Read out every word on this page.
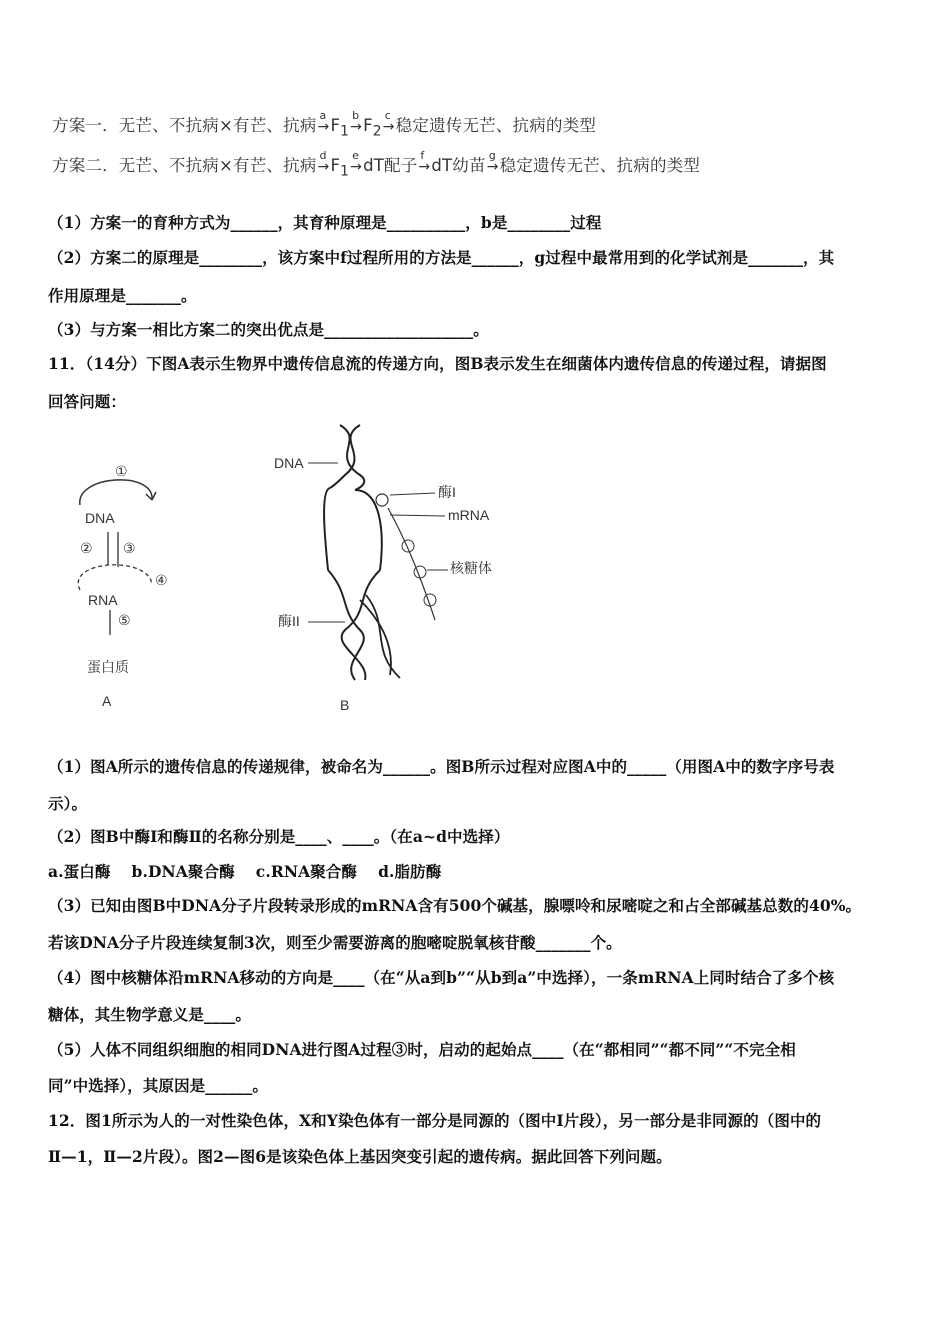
方案一．无芒、不抗病×有芒、抗病
a
$\to F_1$
b
$\to F_2$
c
→稳定遗传无芒、抗病的类型
方案二．无芒、不抗病×有芒、抗病
d
$\to F_1$
e
→dT配子
f
→dT幼苗
g
→稳定遗传无芒、抗病的类型
（1）方案一的育种方式为______，其育种原理是__________，b是________过程
（2）方案二的原理是________，该方案中f过程所用的方法是______，g过程中最常用到的化学试剂是_______，其
作用原理是_______。
（3）与方案一相比方案二的突出优点是___________________。
11．（14分）下图A表示生物界中遗传信息流的传递方向，图B表示发生在细菌体内遗传信息的传递过程，请据图
回答问题：
①
DNA
② ③
④
RNA
⑤
蛋白质
A
DNA
酶I
mRNA
核糖体
酶II
B
（1）图A所示的遗传信息的传递规律，被命名为______。图B所示过程对应图A中的_____（用图A中的数字序号表
示）。
（2）图B中酶Ⅰ和酶Ⅱ的名称分别是____、____。（在a~d中选择）
a.蛋白酶　 b.DNA聚合酶　 c.RNA聚合酶　 d.脂肪酶
（3）已知由图B中DNA分子片段转录形成的mRNA含有500个碱基，腺嘌呤和尿嘧啶之和占全部碱基总数的40%。
若该DNA分子片段连续复制3次，则至少需要游离的胞嘧啶脱氧核苷酸_______个。
（4）图中核糖体沿mRNA移动的方向是____（在“从a到b”“从b到a”中选择），一条mRNA上同时结合了多个核
糖体，其生物学意义是____。
（5）人体不同组织细胞的相同DNA进行图A过程③时，启动的起始点____（在“都相同”“都不同”“不完全相
同”中选择），其原因是______。
12．图1所示为人的一对性染色体，X和Y染色体有一部分是同源的（图中Ⅰ片段），另一部分是非同源的（图中的
Ⅱ—1，Ⅱ—2片段）。图2—图6是该染色体上基因突变引起的遗传病。据此回答下列问题。
